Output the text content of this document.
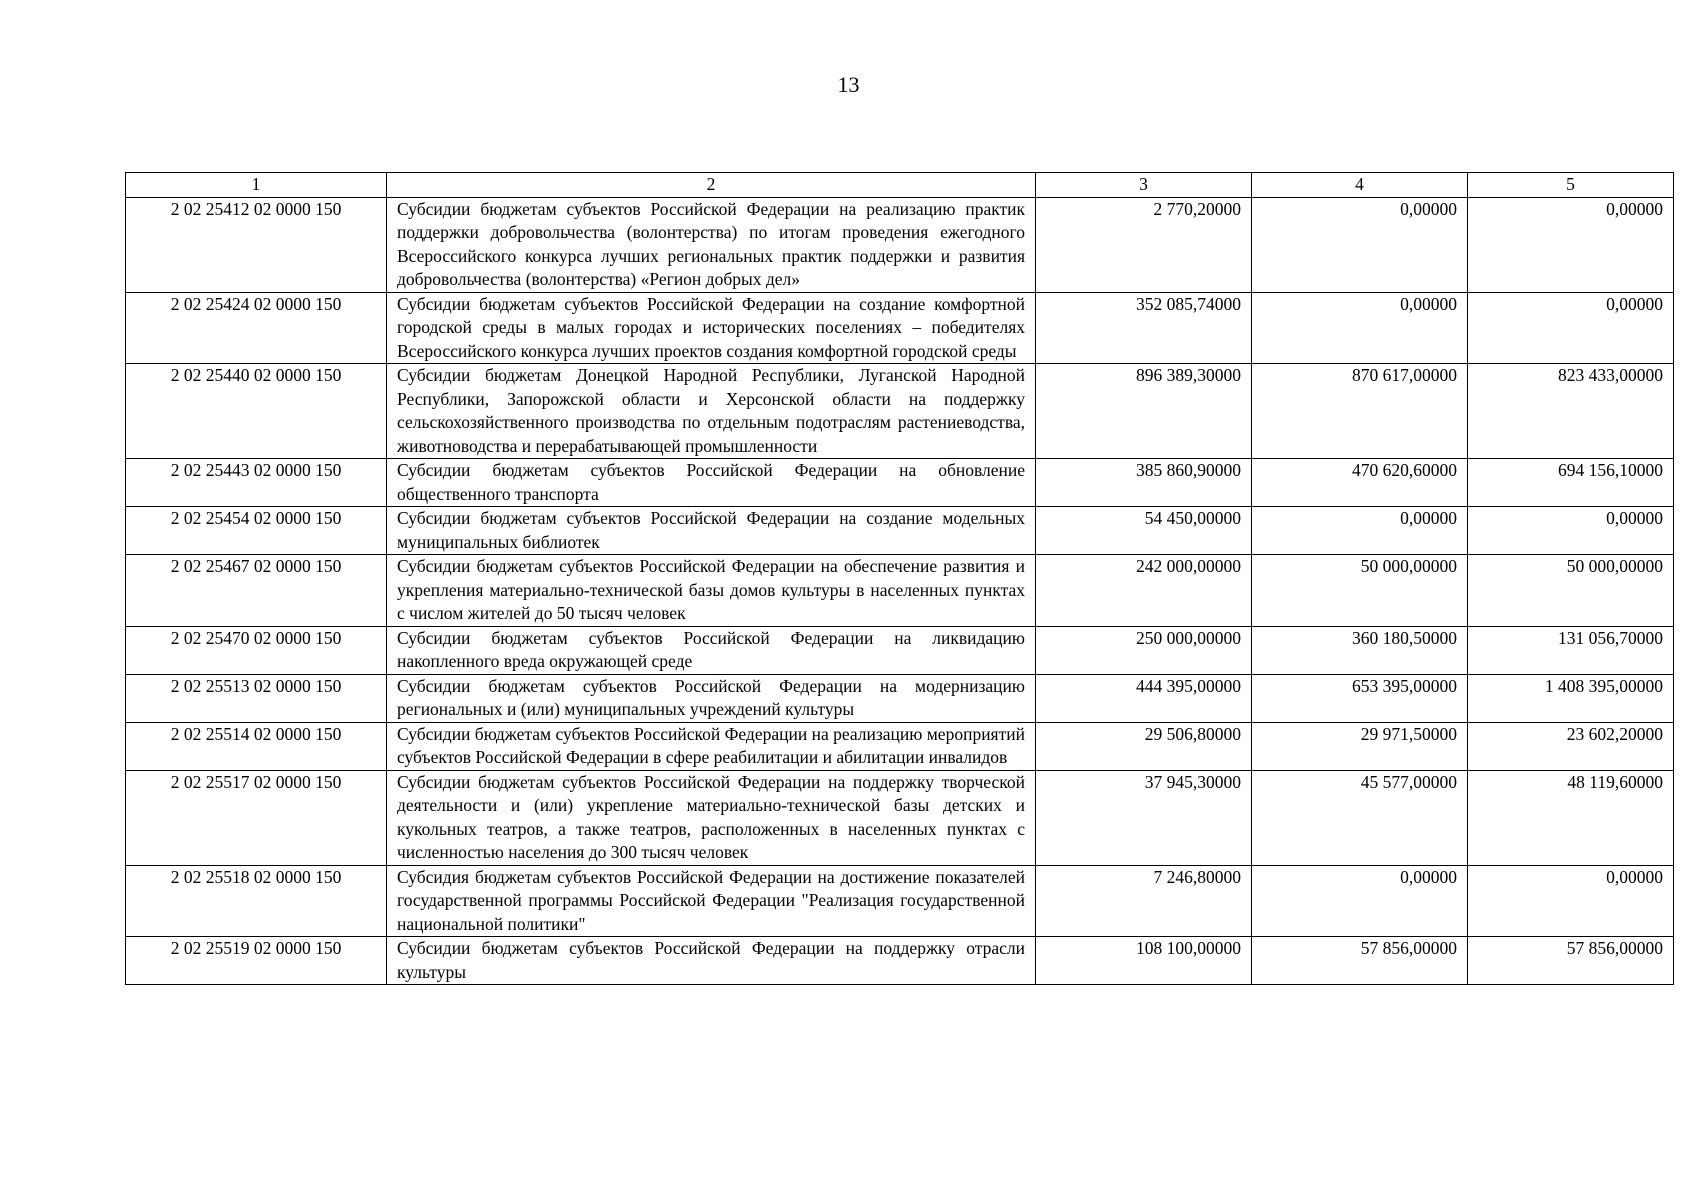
13
1	2	3	4	5
2 02 25412 02 0000 150	Субсидии бюджетам субъектов Российской Федерации на реализацию практик поддержки добровольчества (волонтерства) по итогам проведения ежегодного Всероссийского конкурса лучших региональных практик поддержки и развития добровольчества (волонтерства) «Регион добрых дел»	2 770,20000	0,00000	0,00000
2 02 25424 02 0000 150	Субсидии бюджетам субъектов Российской Федерации на создание комфортной городской среды в малых городах и исторических поселениях – победителях Всероссийского конкурса лучших проектов создания комфортной городской среды	352 085,74000	0,00000	0,00000
2 02 25440 02 0000 150	Субсидии бюджетам Донецкой Народной Республики, Луганской Народной Республики, Запорожской области и Херсонской области на поддержку сельскохозяйственного производства по отдельным подотраслям растениеводства, животноводства и перерабатывающей промышленности	896 389,30000	870 617,00000	823 433,00000
2 02 25443 02 0000 150	Субсидии бюджетам субъектов Российской Федерации на обновление общественного транспорта	385 860,90000	470 620,60000	694 156,10000
2 02 25454 02 0000 150	Субсидии бюджетам субъектов Российской Федерации на создание модельных муниципальных библиотек	54 450,00000	0,00000	0,00000
2 02 25467 02 0000 150	Субсидии бюджетам субъектов Российской Федерации на обеспечение развития и укрепления материально-технической базы домов культуры в населенных пунктах с числом жителей до 50 тысяч человек	242 000,00000	50 000,00000	50 000,00000
2 02 25470 02 0000 150	Субсидии бюджетам субъектов Российской Федерации на ликвидацию накопленного вреда окружающей среде	250 000,00000	360 180,50000	131 056,70000
2 02 25513 02 0000 150	Субсидии бюджетам субъектов Российской Федерации на модернизацию региональных и (или) муниципальных учреждений культуры	444 395,00000	653 395,00000	1 408 395,00000
2 02 25514 02 0000 150	Субсидии бюджетам субъектов Российской Федерации на реализацию мероприятий субъектов Российской Федерации в сфере реабилитации и абилитации инвалидов	29 506,80000	29 971,50000	23 602,20000
2 02 25517 02 0000 150	Субсидии бюджетам субъектов Российской Федерации на поддержку творческой деятельности и (или) укрепление материально-технической базы детских и кукольных театров, а также театров, расположенных в населенных пунктах с численностью населения до 300 тысяч человек	37 945,30000	45 577,00000	48 119,60000
2 02 25518 02 0000 150	Субсидия бюджетам субъектов Российской Федерации на достижение показателей государственной программы Российской Федерации "Реализация государственной национальной политики"	7 246,80000	0,00000	0,00000
2 02 25519 02 0000 150	Субсидии бюджетам субъектов Российской Федерации на поддержку отрасли культуры	108 100,00000	57 856,00000	57 856,00000
